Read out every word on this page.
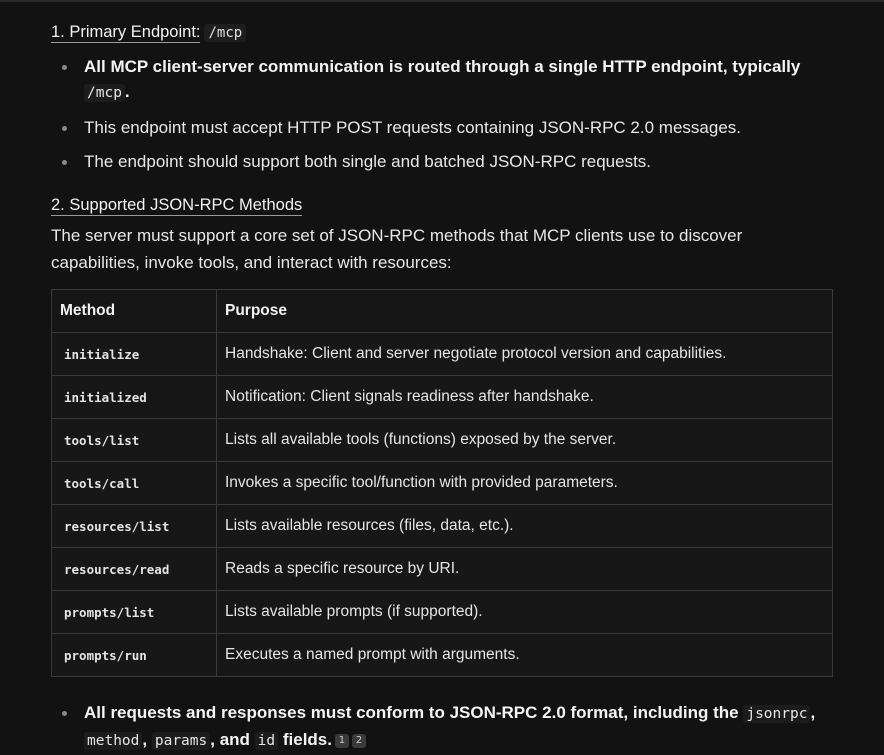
1. Primary Endpoint: /mcp
All MCP client-server communication is routed through a single HTTP endpoint, typically /mcp .
This endpoint must accept HTTP POST requests containing JSON-RPC 2.0 messages.
The endpoint should support both single and batched JSON-RPC requests.
2. Supported JSON-RPC Methods
The server must support a core set of JSON-RPC methods that MCP clients use to discover capabilities, invoke tools, and interact with resources:
Method	Purpose
initialize	Handshake: Client and server negotiate protocol version and capabilities.
initialized	Notification: Client signals readiness after handshake.
tools/list	Lists all available tools (functions) exposed by the server.
tools/call	Invokes a specific tool/function with provided parameters.
resources/list	Lists available resources (files, data, etc.).
resources/read	Reads a specific resource by URI.
prompts/list	Lists available prompts (if supported).
prompts/run	Executes a named prompt with arguments.
All requests and responses must conform to JSON-RPC 2.0 format, including the jsonrpc , method , params , and id fields. 1 2
